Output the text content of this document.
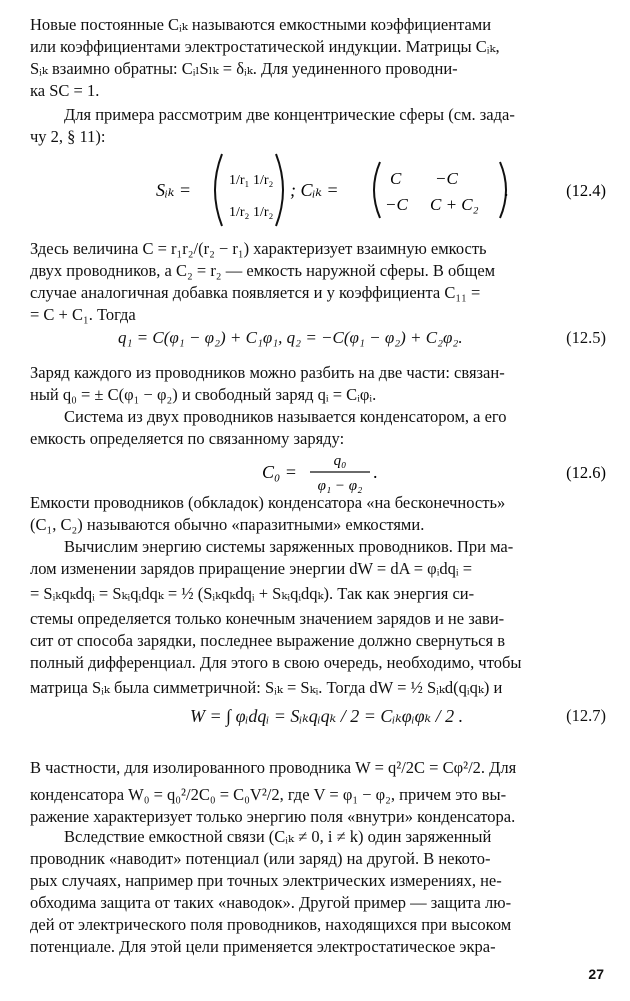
Новые постоянные Cᵢₖ называются емкостными коэффициентами
или коэффициентами электростатической индукции. Матрицы Cᵢₖ,
Sᵢₖ взаимно обратны: CᵢₗSₗₖ = δᵢₖ. Для уединенного проводни-
ка SC = 1.
Для примера рассмотрим две концентрические сферы (см. зада-
чу 2, § 11):
Sᵢₖ =	1/r₁ 1/r₂
1/r₂ 1/r₂
; Cᵢₖ =
C −C
−C C + C₂
.	(12.4)
Здесь величина C = r₁r₂/(r₂ − r₁) характеризует взаимную емкость
двух проводников, а C₂ = r₂ — емкость наружной сферы. В общем
случае аналогичная добавка появляется и у коэффициента C₁₁ =
= C + C₁. Тогда
q₁ = C(φ₁ − φ₂) + C₁φ₁, q₂ = −C(φ₁ − φ₂) + C₂φ₂.	(12.5)
Заряд каждого из проводников можно разбить на две части: связан-
ный q₀ = ± C(φ₁ − φ₂) и свободный заряд qᵢ = Cᵢφᵢ.
Система из двух проводников называется конденсатором, а его
емкость определяется по связанному заряду:
C₀ =
q₀
φ₁ − φ₂
.	(12.6)
Емкости проводников (обкладок) конденсатора «на бесконечность»
(C₁, C₂) называются обычно «паразитными» емкостями.
Вычислим энергию системы заряженных проводников. При ма-
лом изменении зарядов приращение энергии dW = dA = φᵢdqᵢ =
= Sᵢₖqₖdqᵢ = Sₖᵢqᵢdqₖ = ½ (Sᵢₖqₖdqᵢ + Sₖᵢqᵢdqₖ). Так как энергия си-
стемы определяется только конечным значением зарядов и не зави-
сит от способа зарядки, последнее выражение должно свернуться в
полный дифференциал. Для этого в свою очередь, необходимо, чтобы
матрица Sᵢₖ была симметричной: Sᵢₖ = Sₖᵢ. Тогда dW = ½ Sᵢₖd(qᵢqₖ) и
W = ∫ φᵢdqᵢ = Sᵢₖqᵢqₖ / 2 = Cᵢₖφᵢφₖ / 2 .	(12.7)
В частности, для изолированного проводника W = q²/2C = Cφ²/2. Для
конденсатора W₀ = q₀²/2C₀ = C₀V²/2, где V = φ₁ − φ₂, причем это вы-
ражение характеризует только энергию поля «внутри» конденсатора.
Вследствие емкостной связи (Cᵢₖ ≠ 0, i ≠ k) один заряженный
проводник «наводит» потенциал (или заряд) на другой. В некото-
рых случаях, например при точных электрических измерениях, не-
обходима защита от таких «наводок». Другой пример — защита лю-
дей от электрического поля проводников, находящихся при высоком
потенциале. Для этой цели применяется электростатическое экра-
27
